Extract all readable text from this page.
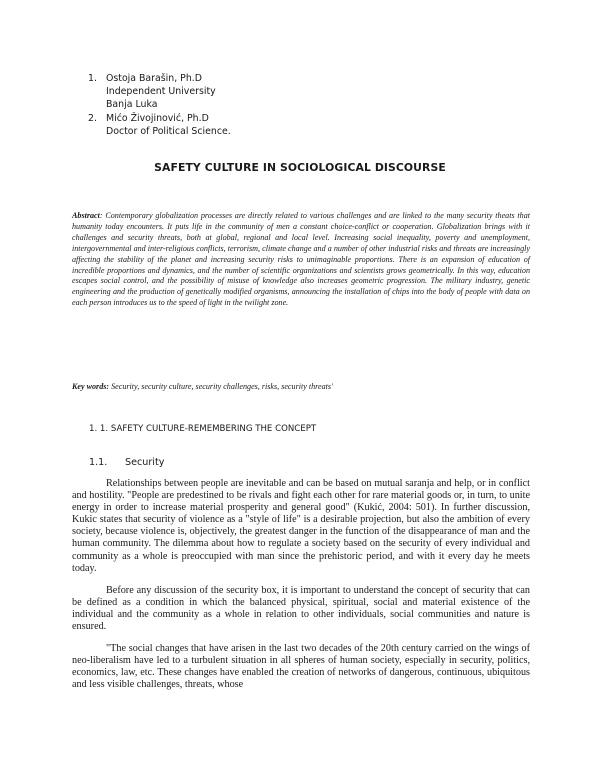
1. Ostoja Barašin, Ph.D
Independent University
Banja Luka
2. Mićo Živojinović, Ph.D
Doctor of Political Science.
SAFETY CULTURE IN SOCIOLOGICAL DISCOURSE
Abstract: Contemporary globalization processes are directly related to various challenges and are linked to the many security theats that humanity today encounters. It puts life in the community of men a constant choice-conflict or cooperation. Globalization brings with it challenges and security threats, both at global, regional and local level. Increasing social inequality, poverty and unemployment, intergovernmental and inter-religious conflicts, terrorism, climate change and a number of other industrial risks and threats are increasingly affecting the stability of the planet and increasing security risks to unimaginable proportions. There is an expansion of education of incredible proportions and dynamics, and the number of scientific organizations and scientists grows geometrically. In this way, education escapes social control, and the possibility of misuse of knowledge also increases geometric progression. The military industry, genetic engineering and the production of genetically modified organisms, announcing the installation of chips into the body of people with data on each person introduces us to the speed of light in the twilight zone.
Key words: Security, security culture, security challenges, risks, security threats'
1. 1. SAFETY CULTURE-REMEMBERING THE CONCEPT
1.1. Security

Relationships between people are inevitable and can be based on mutual saranja and help, or in conflict and hostility. "People are predestined to be rivals and fight each other for rare material goods or, in turn, to unite energy in order to increase material prosperity and general good" (Kukić, 2004: 501). In further discussion, Kukic states that security of violence as a "style of life" is a desirable projection, but also the ambition of every society, because violence is, objectively, the greatest danger in the function of the disappearance of man and the human community. The dilemma about how to regulate a society based on the security of every individual and community as a whole is preoccupied with man since the prehistoric period, and with it every day he meets today.

Before any discussion of the security box, it is important to understand the concept of security that can be defined as a condition in which the balanced physical, spiritual, social and material existence of the individual and the community as a whole in relation to other individuals, social communities and nature is ensured.

"The social changes that have arisen in the last two decades of the 20th century carried on the wings of neo-liberalism have led to a turbulent situation in all spheres of human society, especially in security, politics, economics, law, etc. These changes have enabled the creation of networks of dangerous, continuous, ubiquitous and less visible challenges, threats, whose
